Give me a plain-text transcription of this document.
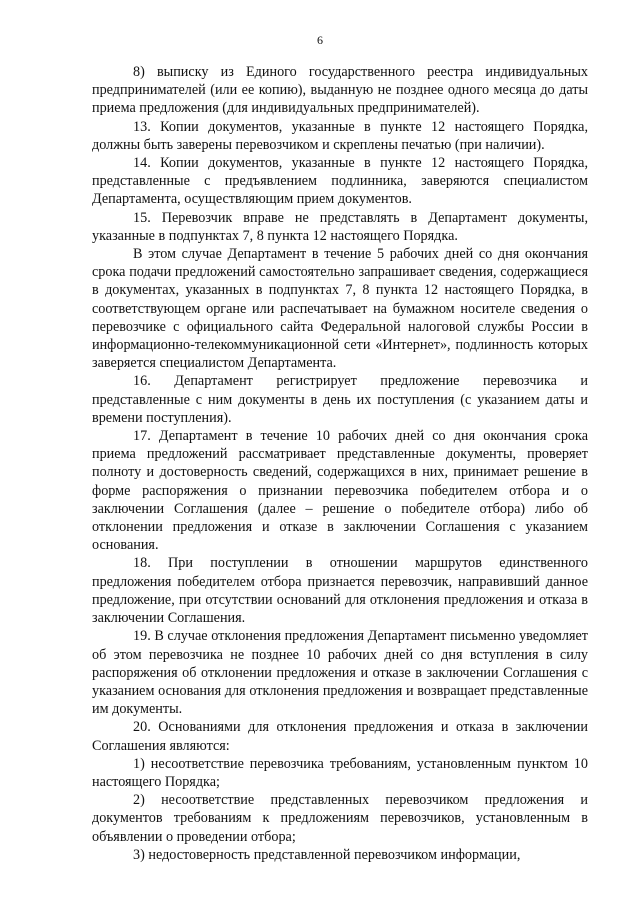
6

8) выписку из Единого государственного реестра индивидуальных предпринимателей (или ее копию), выданную не позднее одного месяца до даты приема предложения (для индивидуальных предпринимателей).

13. Копии документов, указанные в пункте 12 настоящего Порядка, должны быть заверены перевозчиком и скреплены печатью (при наличии).

14. Копии документов, указанные в пункте 12 настоящего Порядка, представленные с предъявлением подлинника, заверяются специалистом Департамента, осуществляющим прием документов.

15. Перевозчик вправе не представлять в Департамент документы, указанные в подпунктах 7, 8 пункта 12 настоящего Порядка.

В этом случае Департамент в течение 5 рабочих дней со дня окончания срока подачи предложений самостоятельно запрашивает сведения, содержащиеся в документах, указанных в подпунктах 7, 8 пункта 12 настоящего Порядка, в соответствующем органе или распечатывает на бумажном носителе сведения о перевозчике с официального сайта Федеральной налоговой службы России в информационно-телекоммуникационной сети «Интернет», подлинность которых заверяется специалистом Департамента.

16. Департамент регистрирует предложение перевозчика и представленные с ним документы в день их поступления (с указанием даты и времени поступления).

17. Департамент в течение 10 рабочих дней со дня окончания срока приема предложений рассматривает представленные документы, проверяет полноту и достоверность сведений, содержащихся в них, принимает решение в форме распоряжения о признании перевозчика победителем отбора и о заключении Соглашения (далее – решение о победителе отбора) либо об отклонении предложения и отказе в заключении Соглашения с указанием основания.

18. При поступлении в отношении маршрутов единственного предложения победителем отбора признается перевозчик, направивший данное предложение, при отсутствии оснований для отклонения предложения и отказа в заключении Соглашения.

19. В случае отклонения предложения Департамент письменно уведомляет об этом перевозчика не позднее 10 рабочих дней со дня вступления в силу распоряжения об отклонении предложения и отказе в заключении Соглашения с указанием основания для отклонения предложения и возвращает представленные им документы.

20. Основаниями для отклонения предложения и отказа в заключении Соглашения являются:

1) несоответствие перевозчика требованиям, установленным пунктом 10 настоящего Порядка;

2) несоответствие представленных перевозчиком предложения и документов требованиям к предложениям перевозчиков, установленным в объявлении о проведении отбора;

3) недостоверность представленной перевозчиком информации,
